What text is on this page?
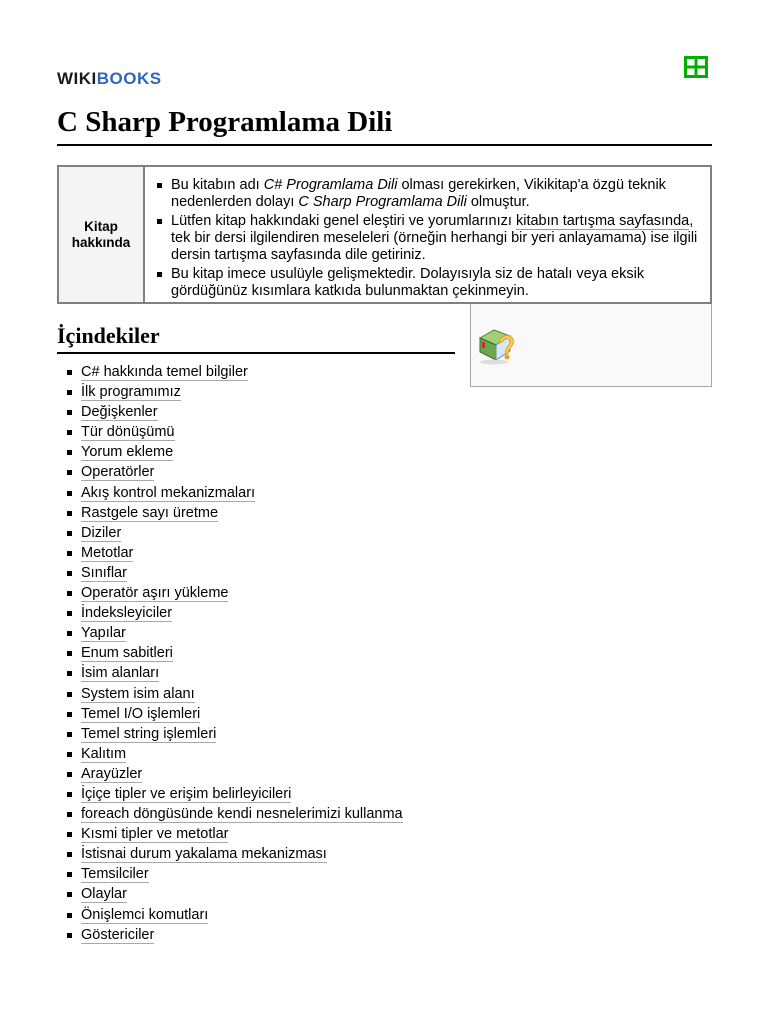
WIKIBOOKS
C Sharp Programlama Dili
Kitap hakkında
Bu kitabın adı C# Programlama Dili olması gerekirken, Vikikitap'a özgü teknik nedenlerden dolayı C Sharp Programlama Dili olmuştur.
Lütfen kitap hakkındaki genel eleştiri ve yorumlarınızı kitabın tartışma sayfasında, tek bir dersi ilgilendiren meseleleri (örneğin herhangi bir yeri anlayamama) ise ilgili dersin tartışma sayfasında dile getiriniz.
Bu kitap imece usulüyle gelişmektedir. Dolayısıyla siz de hatalı veya eksik gördüğünüz kısımlara katkıda bulunmaktan çekinmeyin.
İçindekiler
C# hakkında temel bilgiler
İlk programımız
Değişkenler
Tür dönüşümü
Yorum ekleme
Operatörler
Akış kontrol mekanizmaları
Rastgele sayı üretme
Diziler
Metotlar
Sınıflar
Operatör aşırı yükleme
İndeksleyiciler
Yapılar
Enum sabitleri
İsim alanları
System isim alanı
Temel I/O işlemleri
Temel string işlemleri
Kalıtım
Arayüzler
İçiçe tipler ve erişim belirleyicileri
foreach döngüsünde kendi nesnelerimizi kullanma
Kısmi tipler ve metotlar
İstisnai durum yakalama mekanizması
Temsilciler
Olaylar
Önişlemci komutları
Göstericiler
